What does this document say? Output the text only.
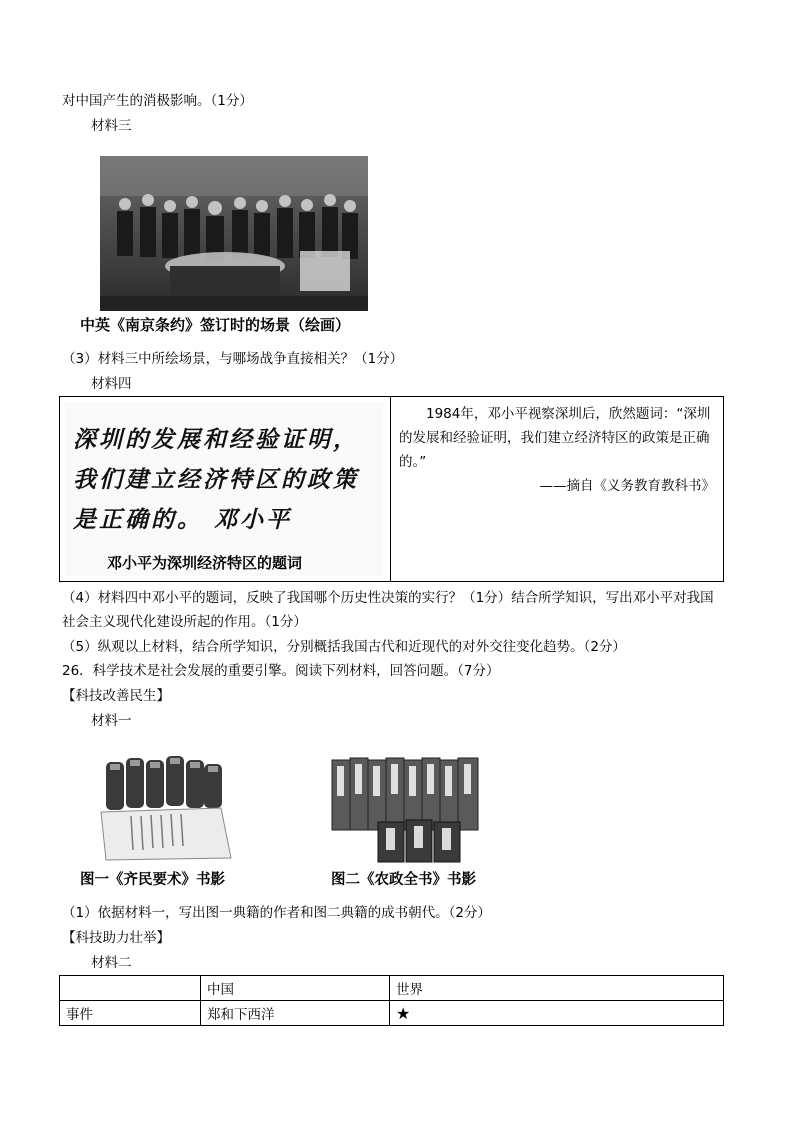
对中国产生的消极影响。（1分）
材料三
中英《南京条约》签订时的场景（绘画）
（3）材料三中所绘场景，与哪场战争直接相关？（1分）
材料四
深圳的发展和经验证明，
我们建立经济特区的政策
是正确的。 邓小平
邓小平为深圳经济特区的题词

1984年，邓小平视察深圳后，欣然题词：“深圳的发展和经验证明，我们建立经济特区的政策是正确的。”
——摘自《义务教育教科书》
（4）材料四中邓小平的题词，反映了我国哪个历史性决策的实行？（1分）结合所学知识，写出邓小平对我国社会主义现代化建设所起的作用。（1分）
（5）纵观以上材料，结合所学知识，分别概括我国古代和近现代的对外交往变化趋势。（2分）
26．科学技术是社会发展的重要引擎。阅读下列材料，回答问题。（7分）
【科技改善民生】
材料一
图一《齐民要术》书影	图二《农政全书》书影
（1）依据材料一，写出图一典籍的作者和图二典籍的成书朝代。（2分）
【科技助力壮举】
材料二
	中国	世界
事件	郑和下西洋	★
